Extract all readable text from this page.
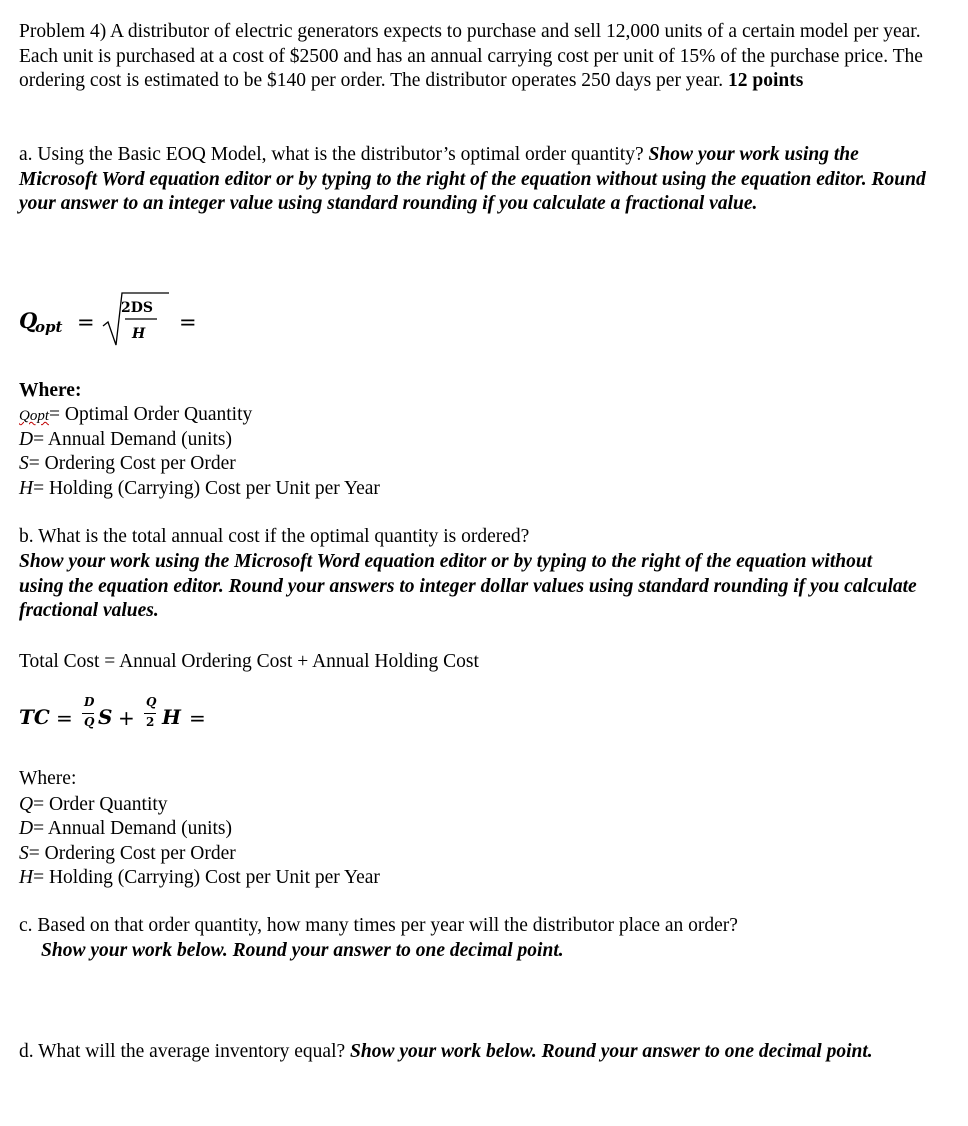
Problem 4) A distributor of electric generators expects to purchase and sell 12,000 units of a certain model per year. Each unit is purchased at a cost of $2500 and has an annual carrying cost per unit of 15% of the purchase price. The ordering cost is estimated to be $140 per order. The distributor operates 250 days per year. 12 points

a. Using the Basic EOQ Model, what is the distributor’s optimal order quantity? Show your work using the Microsoft Word equation editor or by typing to the right of the equation without using the equation editor. Round your answer to an integer value using standard rounding if you calculate a fractional value.

Q
opt =
2DS
H =
Where:
Qopt= Optimal Order Quantity
D= Annual Demand (units)
S= Ordering Cost per Order
H= Holding (Carrying) Cost per Unit per Year
b. What is the total annual cost if the optimal quantity is ordered?

Show your work using the Microsoft Word equation editor or by typing to the right of the equation without using the equation editor. Round your answers to integer dollar values using standard rounding if you calculate fractional values.

Total Cost = Annual Ordering Cost + Annual Holding Cost
TC =
D
Q S +
Q
2 H =
Where:
Q= Order Quantity
D= Annual Demand (units)
S= Ordering Cost per Order
H= Holding (Carrying) Cost per Unit per Year
c. Based on that order quantity, how many times per year will the distributor place an order?
Show your work below. Round your answer to one decimal point.

d. What will the average inventory equal? Show your work below. Round your answer to one decimal point.
